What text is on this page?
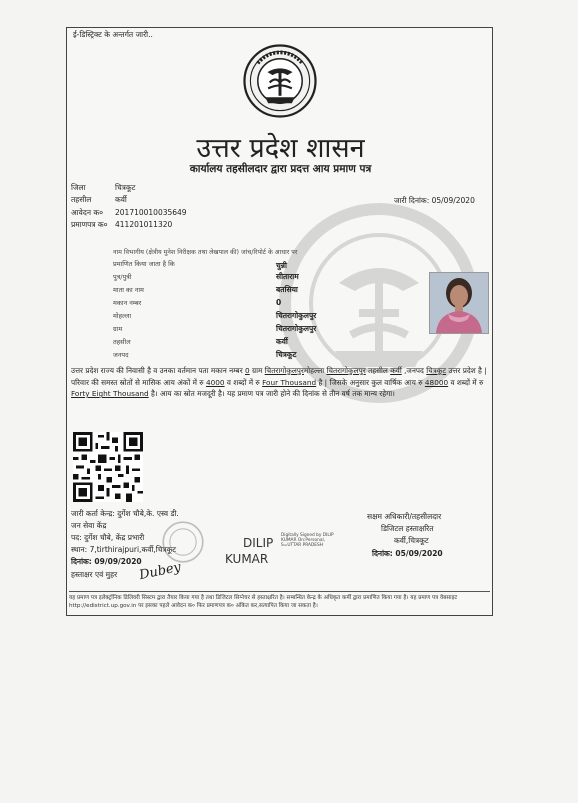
ई-डिस्ट्रिक्ट के अन्तर्गत जारी..
उत्तर प्रदेश शासन
कार्यालय तहसीलदार द्वारा प्रदत्त आय प्रमाण पत्र
जिला	चित्रकूट
तहसील	कर्वी
आवेदन क० 201710010035649
प्रमाणपत्र क० 411201011320
जारी दिनांक: 05/09/2020
नाम विभागीय (क्षेत्रीय मुनेश निरीक्षक तथा लेखपाल की) जांच/रिपोर्ट के आधार पर
प्रमाणित किया जाता है कि	चुन्नी
पुत्र/पुत्री	सीताराम
माता का नाम	बतसिया
मकान नम्बर	0
मोहल्ला	चितरागोकुलपुर
ग्राम	चितरागोकुलपुर
तहसील	कर्वी
जनपद	चित्रकूट
उत्तर प्रदेश राज्य की निवासी है व उनका वर्तमान पता मकान नम्बर 0 ग्राम चितरागोकुलपुरमोहल्ला चितरागोकुलपुर तहसील कर्वी ,जनपद चित्रकूट उत्तर प्रदेश है | परिवार की समस्त स्रोतों से मासिक आय अंकों में रु 4000 व शब्दों में रु Four Thousand है | जिसके अनुसार कुल वार्षिक आय रु 48000 व शब्दों में रु Forty Eight Thousand है। आय का स्रोत मजदूरी है। यह प्रमाण पत्र जारी होने की दिनांक से तीन वर्ष तक मान्य रहेगा।
जारी कर्ता केन्द्र: दुर्गेश चौबे,के. एस्व डी.
जन सेवा केंद्र
पद: दुर्गेश चौबे, केंद्र प्रभारी
स्थान: 7,tirthirajpuri,कर्वी,चित्रकूट
दिनांक: 09/09/2020
हस्ताक्षर एवं मुहर Dubey
DILIP
KUMAR
Digitally Signed by DILIP KUMAR On:Personal, S=UTTAR PRADESH
सक्षम अधिकारी/तहसीलदार
डिजिटल हस्ताक्षरित
कर्वी,चित्रकूट
दिनांक: 05/09/2020
यह प्रमाण पत्र इलेक्ट्रॉनिक डिलिवरी सिस्टम द्वारा तैयार किया गया है तथा डिजिटल सिग्नेचर से हस्ताक्षरित है। सम्बन्धित केन्द्र के अधिकृत कर्मी द्वारा प्रमाणित किया गया है। यह प्रमाण पत्र वेबसाइट http://edistrict.up.gov.in पर इसका पहले आवेदन क० फिर प्रमाणपत्र क० अंकित कर,सत्यापित किया जा सकता है।
